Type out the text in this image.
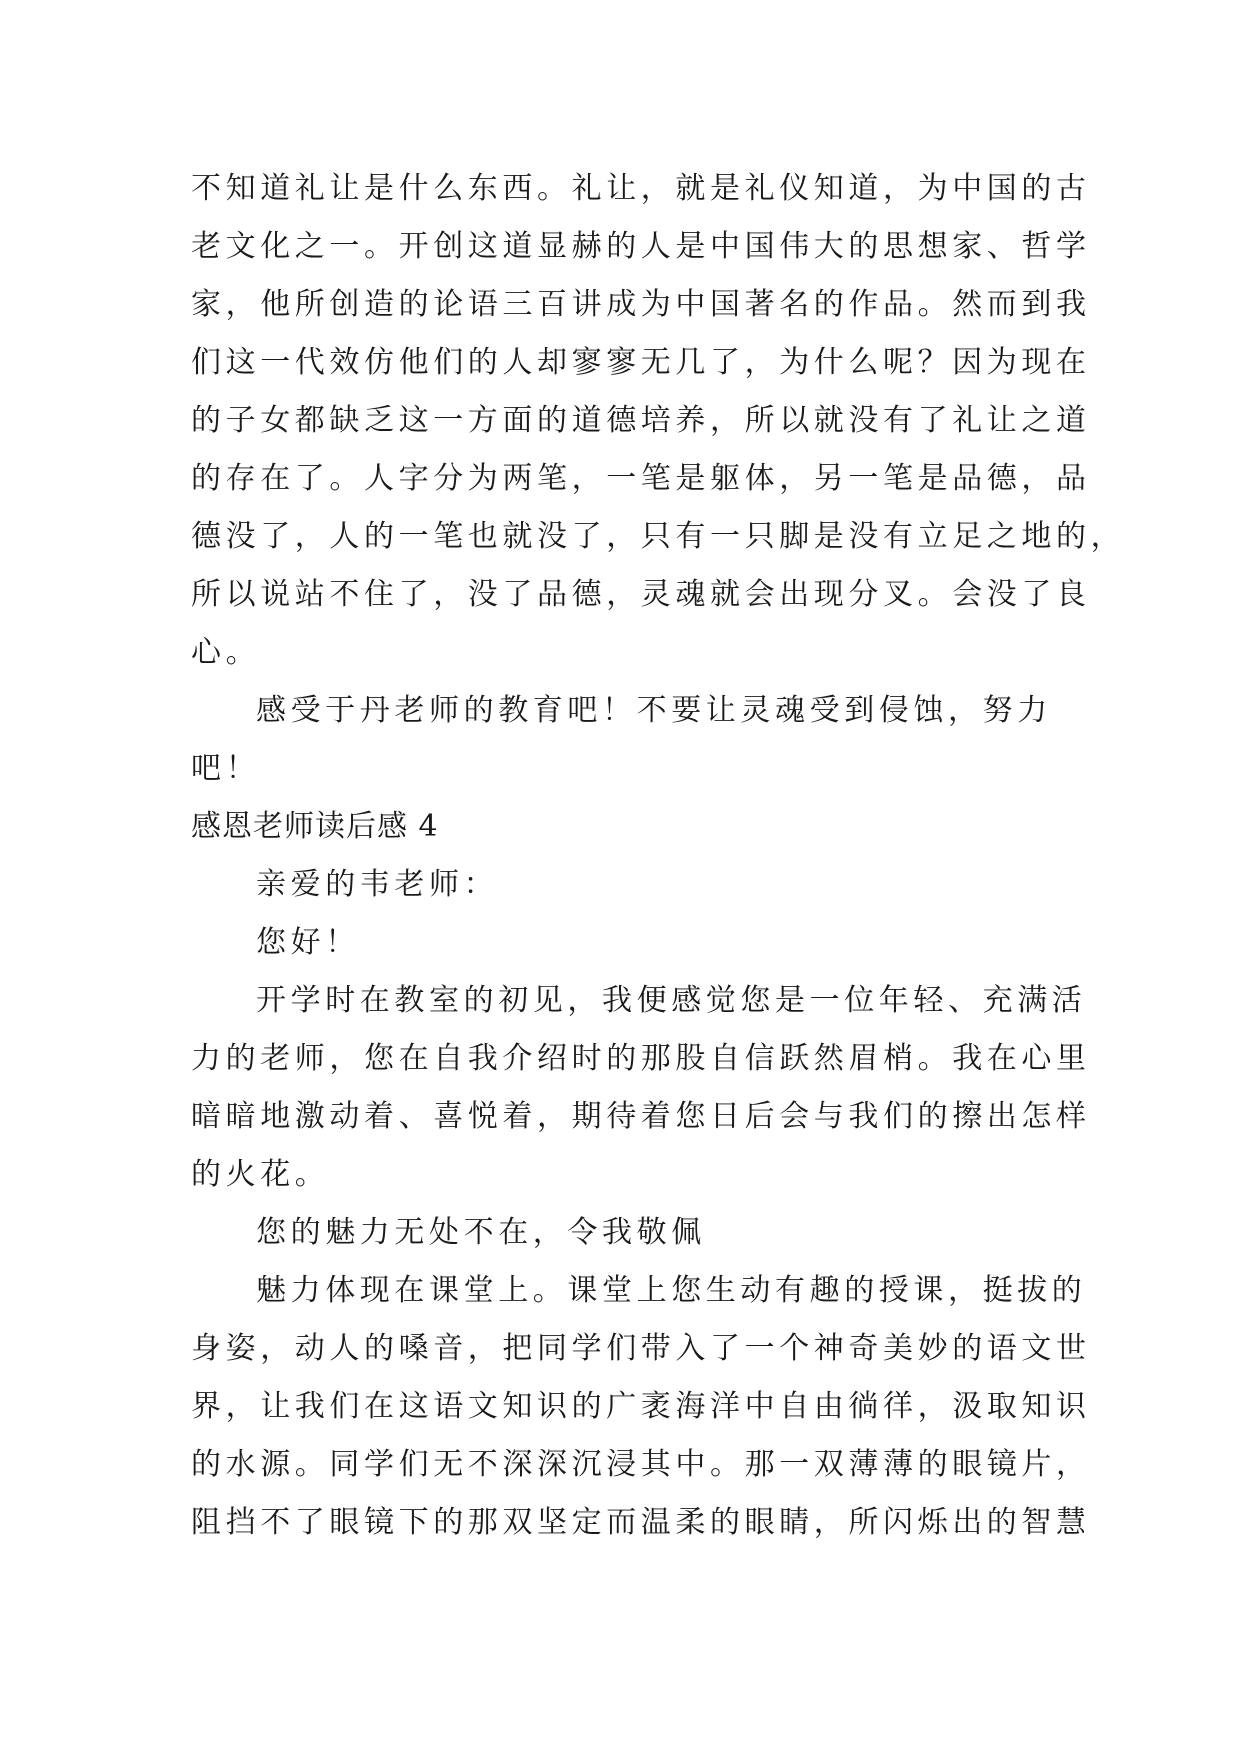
不知道礼让是什么东西。礼让，就是礼仪知道，为中国的古
老文化之一。开创这道显赫的人是中国伟大的思想家、哲学
家，他所创造的论语三百讲成为中国著名的作品。然而到我
们这一代效仿他们的人却寥寥无几了，为什么呢？因为现在
的子女都缺乏这一方面的道德培养，所以就没有了礼让之道
的存在了。人字分为两笔，一笔是躯体，另一笔是品德，品
德没了，人的一笔也就没了，只有一只脚是没有立足之地的，
所以说站不住了，没了品德，灵魂就会出现分叉。会没了良
心。
感受于丹老师的教育吧！不要让灵魂受到侵蚀，努力
吧！
感恩老师读后感 4
亲爱的韦老师：
您好！
开学时在教室的初见，我便感觉您是一位年轻、充满活
力的老师，您在自我介绍时的那股自信跃然眉梢。我在心里
暗暗地激动着、喜悦着，期待着您日后会与我们的擦出怎样
的火花。
您的魅力无处不在，令我敬佩
魅力体现在课堂上。课堂上您生动有趣的授课，挺拔的
身姿，动人的嗓音，把同学们带入了一个神奇美妙的语文世
界，让我们在这语文知识的广袤海洋中自由徜徉，汲取知识
的水源。同学们无不深深沉浸其中。那一双薄薄的眼镜片，
阻挡不了眼镜下的那双坚定而温柔的眼睛，所闪烁出的智慧
